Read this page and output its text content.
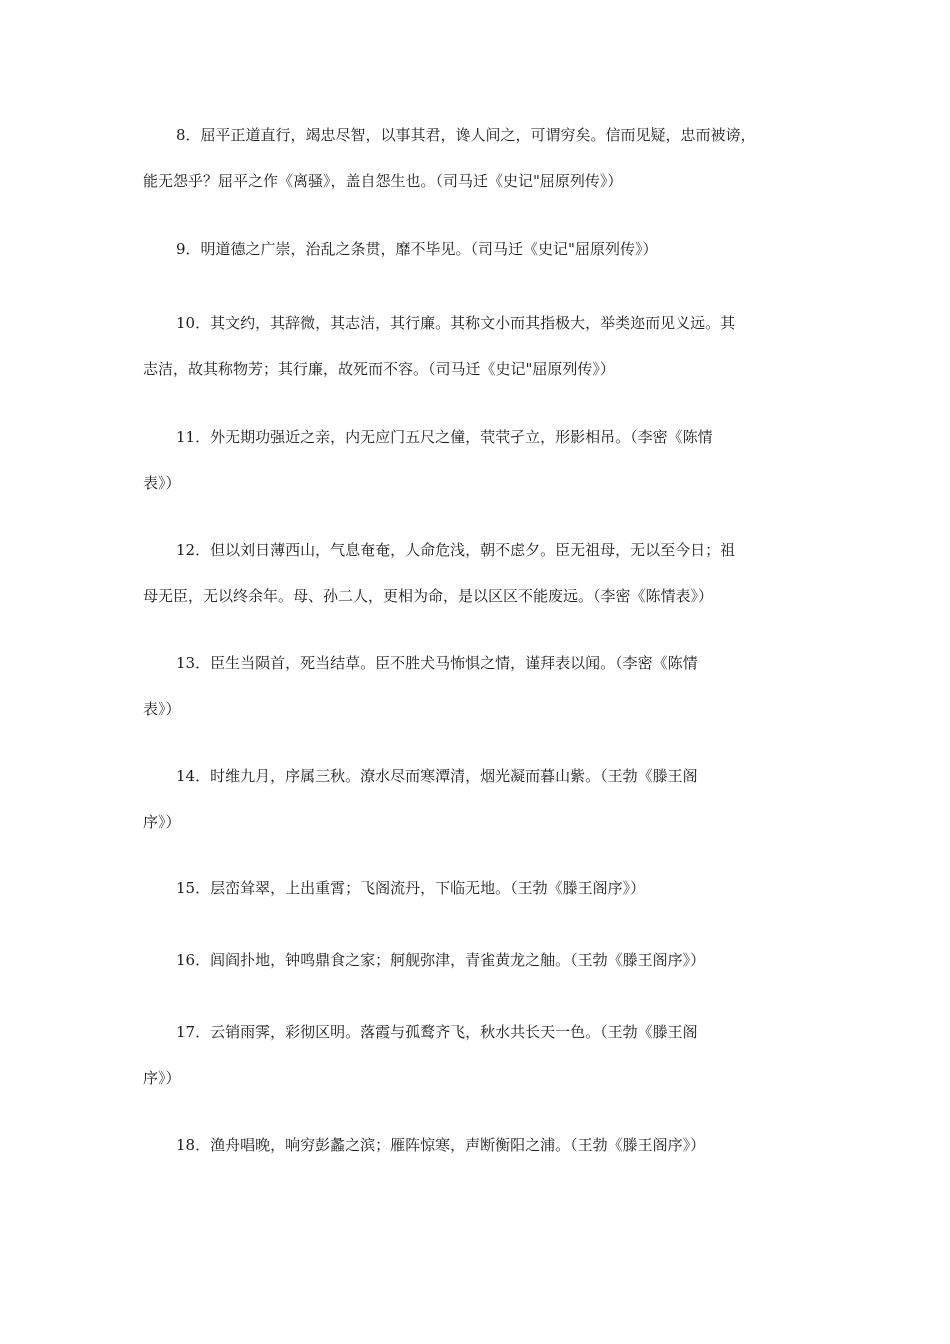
8．屈平正道直行，竭忠尽智，以事其君，谗人间之，可谓穷矣。信而见疑，忠而被谤，
能无怨乎？屈平之作《离骚》，盖自怨生也。（司马迁《史记"屈原列传》）

9．明道德之广崇，治乱之条贯，靡不毕见。（司马迁《史记"屈原列传》）

10．其文约，其辞微，其志洁，其行廉。其称文小而其指极大，举类迩而见义远。其
志洁，故其称物芳；其行廉，故死而不容。（司马迁《史记"屈原列传》）

11．外无期功强近之亲，内无应门五尺之僮，茕茕孑立，形影相吊。（李密《陈情
表》）

12．但以刘日薄西山，气息奄奄，人命危浅，朝不虑夕。臣无祖母，无以至今日；祖
母无臣，无以终余年。母、孙二人，更相为命，是以区区不能废远。（李密《陈情表》）

13．臣生当陨首，死当结草。臣不胜犬马怖惧之情，谨拜表以闻。（李密《陈情
表》）

14．时维九月，序属三秋。潦水尽而寒潭清，烟光凝而暮山紫。（王勃《滕王阁
序》）

15．层峦耸翠，上出重霄；飞阁流丹，下临无地。（王勃《滕王阁序》）

16．闾阎扑地，钟鸣鼎食之家；舸舰弥津，青雀黄龙之舳。（王勃《滕王阁序》）

17．云销雨霁，彩彻区明。落霞与孤鹜齐飞，秋水共长天一色。（王勃《滕王阁
序》）

18．渔舟唱晚，响穷彭蠡之滨；雁阵惊寒，声断衡阳之浦。（王勃《滕王阁序》）
